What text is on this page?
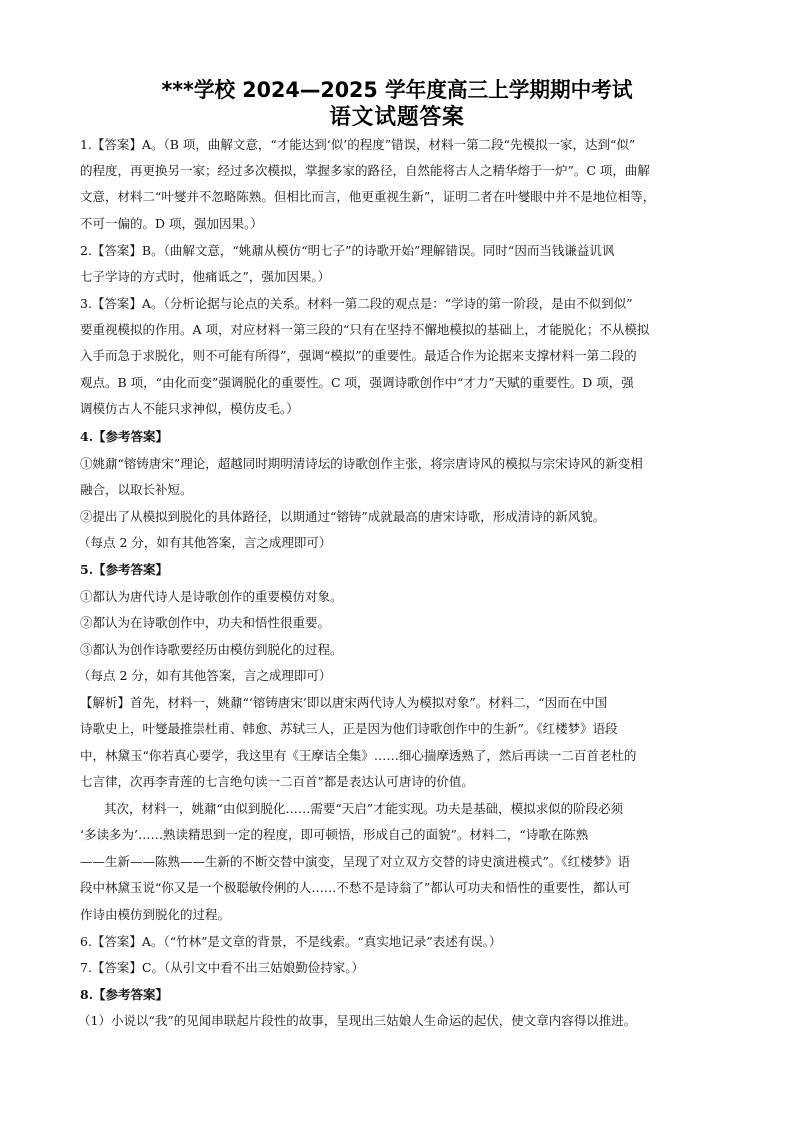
***学校 2024—2025 学年度高三上学期期中考试
语文试题答案
1.【答案】A。（B 项，曲解文意，“才能达到‘似’的程度”错误，材料一第二段“先模拟一家，达到“似”
的程度，再更换另一家；经过多次模拟，掌握多家的路径，自然能将古人之精华熔于一炉”。C 项，曲解
文意，材料二“叶燮并不忽略陈熟。但相比而言，他更重视生新”，证明二者在叶燮眼中并不是地位相等，
不可一偏的。D 项，强加因果。）
2.【答案】B。（曲解文意，“姚鼐从模仿“明七子”的诗歌开始”理解错误。同时“因而当钱谦益讥讽
七子学诗的方式时，他痛诋之”，强加因果。）
3.【答案】A。（分析论据与论点的关系。材料一第二段的观点是：“学诗的第一阶段，是由不似到似”
要重视模拟的作用。A 项，对应材料一第三段的“只有在坚持不懈地模拟的基础上，才能脱化；不从模拟
入手而急于求脱化，则不可能有所得”，强调“模拟”的重要性。最适合作为论据来支撑材料一第二段的
观点。B 项，“由化而变”强调脱化的重要性。C 项，强调诗歌创作中“才力”天赋的重要性。D 项，强
调模仿古人不能只求神似，模仿皮毛。）
4.【参考答案】
①姚鼐“镕铸唐宋”理论，超越同时期明清诗坛的诗歌创作主张，将宗唐诗风的模拟与宗宋诗风的新变相
融合，以取长补短。
②提出了从模拟到脱化的具体路径，以期通过“镕铸”成就最高的唐宋诗歌，形成清诗的新风貌。
（每点 2 分，如有其他答案，言之成理即可）
5.【参考答案】
①都认为唐代诗人是诗歌创作的重要模仿对象。
②都认为在诗歌创作中，功夫和悟性很重要。
③都认为创作诗歌要经历由模仿到脱化的过程。
（每点 2 分，如有其他答案，言之成理即可）
【解析】首先，材料一，姚鼐“‘镕铸唐宋’即以唐宋两代诗人为模拟对象”。材料二，“因而在中国
诗歌史上，叶燮最推崇杜甫、韩愈、苏轼三人，正是因为他们诗歌创作中的生新”。《红楼梦》语段
中，林黛玉“你若真心要学，我这里有《王摩诘全集》……细心揣摩透熟了，然后再读一二百首老杜的
七言律，次再李青莲的七言绝句读一二百首”都是表达认可唐诗的价值。
其次，材料一，姚鼐“由似到脱化……需要“天启”才能实现。功夫是基础，模拟求似的阶段必须
‘多读多为’……熟读精思到一定的程度，即可顿悟，形成自己的面貌”。材料二，“诗歌在陈熟
——生新——陈熟——生新的不断交替中演变，呈现了对立双方交替的诗史演进模式”。《红楼梦》语
段中林黛玉说“你又是一个极聪敏伶俐的人……不愁不是诗翁了”都认可功夫和悟性的重要性，都认可
作诗由模仿到脱化的过程。
6.【答案】A。（“竹林”是文章的背景，不是线索。“真实地记录”表述有误。）
7.【答案】C。（从引文中看不出三姑娘勤俭持家。）
8.【参考答案】
（1）小说以“我”的见闻串联起片段性的故事，呈现出三姑娘人生命运的起伏，使文章内容得以推进。
